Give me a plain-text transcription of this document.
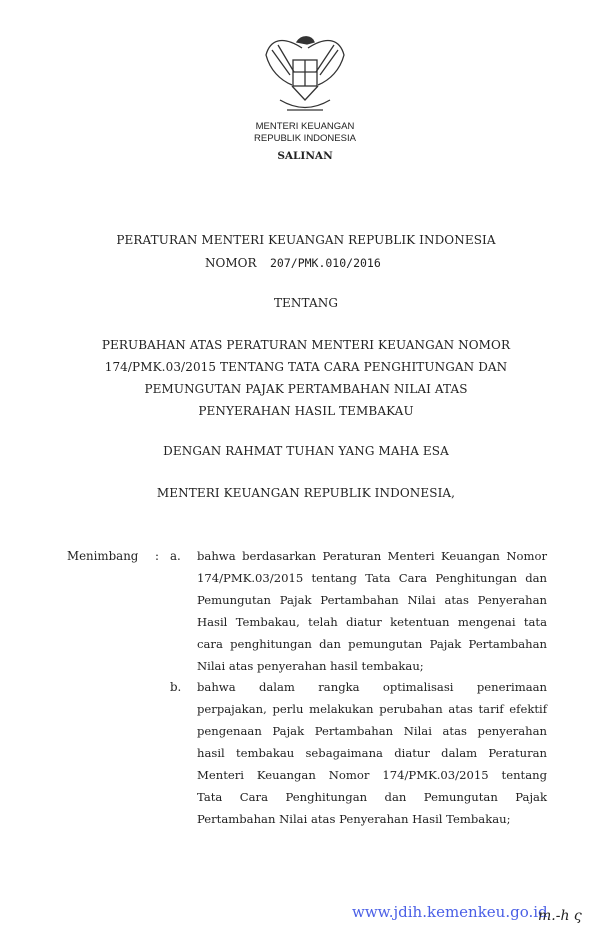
MENTERI KEUANGAN
REPUBLIK INDONESIA
SALINAN
PERATURAN MENTERI KEUANGAN REPUBLIK INDONESIA
NOMOR 207/PMK.010/2016
TENTANG
PERUBAHAN ATAS PERATURAN MENTERI KEUANGAN NOMOR
174/PMK.03/2015 TENTANG TATA CARA PENGHITUNGAN DAN
PEMUNGUTAN PAJAK PERTAMBAHAN NILAI ATAS
PENYERAHAN HASIL TEMBAKAU
DENGAN RAHMAT TUHAN YANG MAHA ESA
MENTERI KEUANGAN REPUBLIK INDONESIA,
Menimbang : a.
b.
bahwa berdasarkan Peraturan Menteri Keuangan Nomor
174/PMK.03/2015 tentang Tata Cara Penghitungan dan
Pemungutan Pajak Pertambahan Nilai atas Penyerahan
Hasil Tembakau, telah diatur ketentuan mengenai tata
cara penghitungan dan pemungutan Pajak Pertambahan
Nilai atas penyerahan hasil tembakau;
bahwa dalam rangka optimalisasi penerimaan
perpajakan, perlu melakukan perubahan atas tarif efektif
pengenaan Pajak Pertambahan Nilai atas penyerahan
hasil tembakau sebagaimana diatur dalam Peraturan
Menteri Keuangan Nomor 174/PMK.03/2015 tentang
Tata Cara Penghitungan dan Pemungutan Pajak
Pertambahan Nilai atas Penyerahan Hasil Tembakau;
www.jdih.kemenkeu.go.id
m.-h ς
